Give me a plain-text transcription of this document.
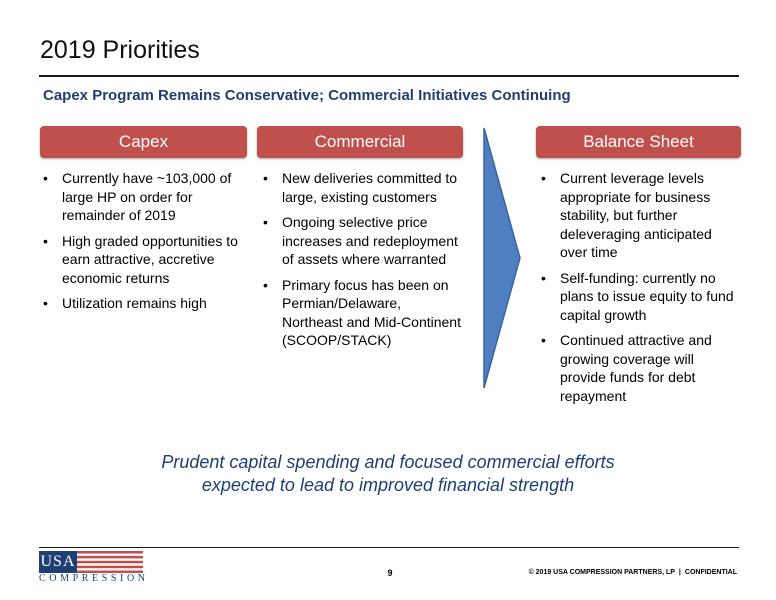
2019 Priorities
Capex Program Remains Conservative; Commercial Initiatives Continuing
Capex
• Currently have ~103,000 of large HP on order for remainder of 2019
• High graded opportunities to earn attractive, accretive economic returns
• Utilization remains high
Commercial
• New deliveries committed to large, existing customers
• Ongoing selective price increases and redeployment of assets where warranted
• Primary focus has been on Permian/Delaware, Northeast and Mid-Continent (SCOOP/STACK)
Balance Sheet
• Current leverage levels appropriate for business stability, but further deleveraging anticipated over time
• Self-funding: currently no plans to issue equity to fund capital growth
• Continued attractive and growing coverage will provide funds for debt repayment
Prudent capital spending and focused commercial efforts
expected to lead to improved financial strength
USA
COMPRESSION	9	© 2019 USA COMPRESSION PARTNERS, LP | CONFIDENTIAL
